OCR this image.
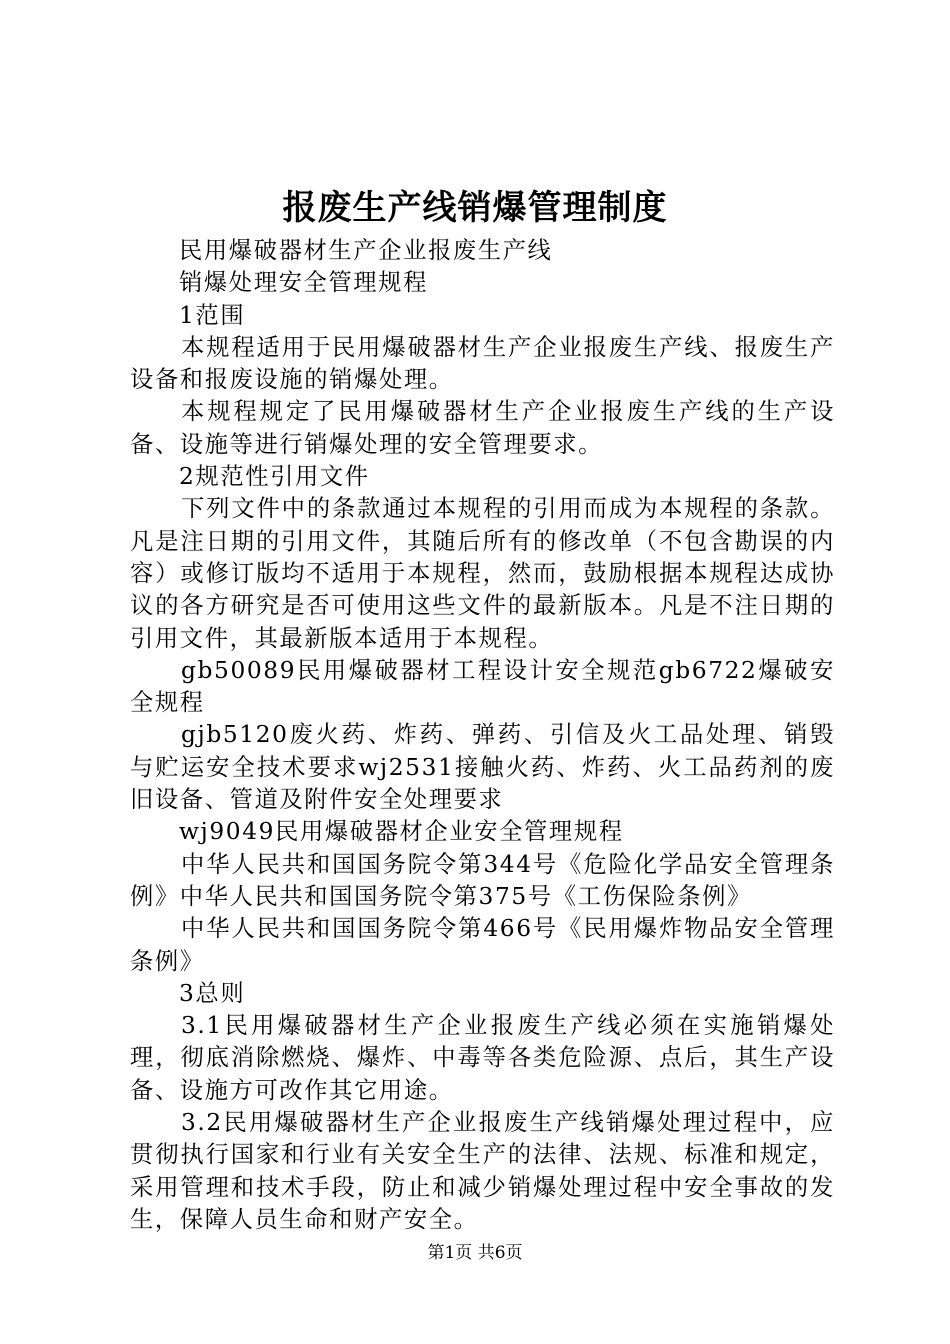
报废生产线销爆管理制度

民用爆破器材生产企业报废生产线

销爆处理安全管理规程

1范围

本规程适用于民用爆破器材生产企业报废生产线、报废生产设备和报废设施的销爆处理。

本规程规定了民用爆破器材生产企业报废生产线的生产设备、设施等进行销爆处理的安全管理要求。

2规范性引用文件

下列文件中的条款通过本规程的引用而成为本规程的条款。凡是注日期的引用文件，其随后所有的修改单（不包含勘误的内容）或修订版均不适用于本规程，然而，鼓励根据本规程达成协议的各方研究是否可使用这些文件的最新版本。凡是不注日期的引用文件，其最新版本适用于本规程。

gb50089民用爆破器材工程设计安全规范gb6722爆破安全规程

gjb5120废火药、炸药、弹药、引信及火工品处理、销毁与贮运安全技术要求wj2531接触火药、炸药、火工品药剂的废旧设备、管道及附件安全处理要求

wj9049民用爆破器材企业安全管理规程

中华人民共和国国务院令第344号《危险化学品安全管理条例》中华人民共和国国务院令第375号《工伤保险条例》

中华人民共和国国务院令第466号《民用爆炸物品安全管理条例》

3总则

3.1民用爆破器材生产企业报废生产线必须在实施销爆处理，彻底消除燃烧、爆炸、中毒等各类危险源、点后，其生产设备、设施方可改作其它用途。

3.2民用爆破器材生产企业报废生产线销爆处理过程中，应贯彻执行国家和行业有关安全生产的法律、法规、标准和规定，采用管理和技术手段，防止和减少销爆处理过程中安全事故的发生，保障人员生命和财产安全。

第1页 共6页
